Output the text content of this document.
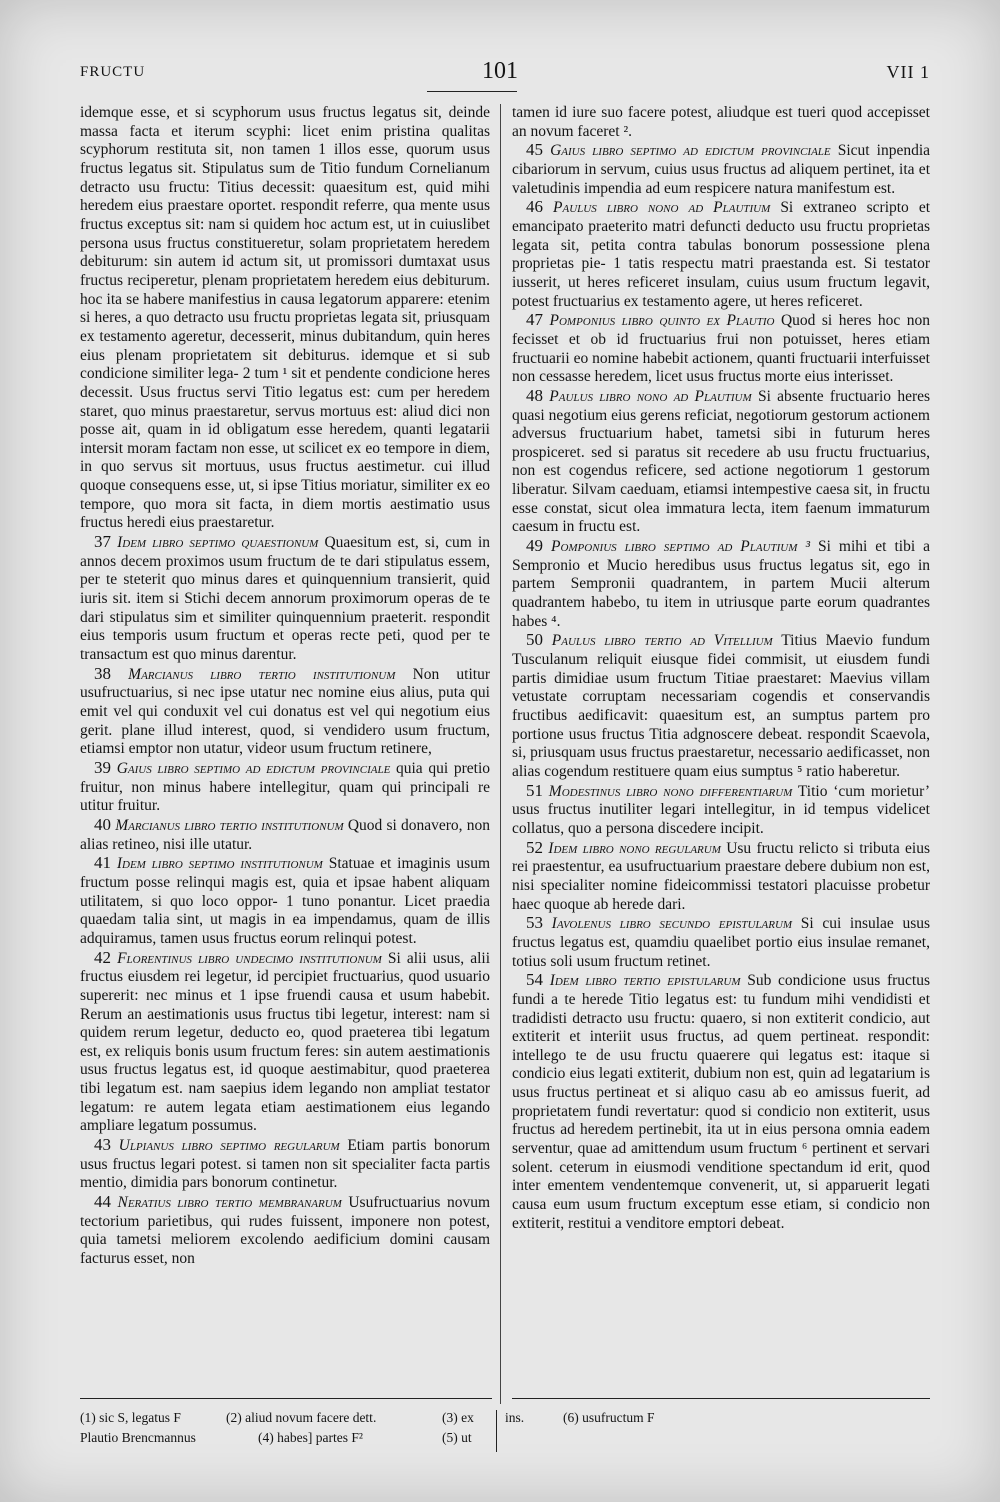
FRUCTU	101	VII 1

idemque esse, et si scyphorum usus fructus legatus sit, deinde massa facta et iterum scyphi: licet enim pristina qualitas scyphorum restituta sit, non tamen 1 illos esse, quorum usus fructus legatus sit. Stipulatus sum de Titio fundum Cornelianum detracto usu fructu: Titius decessit: quaesitum est, quid mihi heredem eius praestare oportet. respondit referre, qua mente usus fructus exceptus sit: nam si quidem hoc actum est, ut in cuiuslibet persona usus fructus constitueretur, solam proprietatem heredem debiturum: sin autem id actum sit, ut promissori dumtaxat usus fructus reciperetur, plenam proprietatem heredem eius debiturum. hoc ita se habere manifestius in causa legatorum apparere: etenim si heres, a quo detracto usu fructu proprietas legata sit, priusquam ex testamento ageretur, decesserit, minus dubitandum, quin heres eius plenam proprietatem sit debiturus. idemque et si sub condicione similiter lega- 2 tum ¹ sit et pendente condicione heres decessit. Usus fructus servi Titio legatus est: cum per heredem staret, quo minus praestaretur, servus mortuus est: aliud dici non posse ait, quam in id obligatum esse heredem, quanti legatarii intersit moram factam non esse, ut scilicet ex eo tempore in diem, in quo servus sit mortuus, usus fructus aestimetur. cui illud quoque consequens esse, ut, si ipse Titius moriatur, similiter ex eo tempore, quo mora sit facta, in diem mortis aestimatio usus fructus heredi eius praestaretur.

37 Idem libro septimo quaestionum Quaesitum est, si, cum in annos decem proximos usum fructum de te dari stipulatus essem, per te steterit quo minus dares et quinquennium transierit, quid iuris sit. item si Stichi decem annorum proximorum operas de te dari stipulatus sim et similiter quinquennium praeterit. respondit eius temporis usum fructum et operas recte peti, quod per te transactum est quo minus darentur.

38 Marcianus libro tertio institutionum Non utitur usufructuarius, si nec ipse utatur nec nomine eius alius, puta qui emit vel qui conduxit vel cui donatus est vel qui negotium eius gerit. plane illud interest, quod, si vendidero usum fructum, etiamsi emptor non utatur, videor usum fructum retinere,

39 Gaius libro septimo ad edictum provinciale quia qui pretio fruitur, non minus habere intellegitur, quam qui principali re utitur fruitur.

40 Marcianus libro tertio institutionum Quod si donavero, non alias retineo, nisi ille utatur.

41 Idem libro septimo institutionum Statuae et imaginis usum fructum posse relinqui magis est, quia et ipsae habent aliquam utilitatem, si quo loco oppor- 1 tuno ponantur. Licet praedia quaedam talia sint, ut magis in ea impendamus, quam de illis adquiramus, tamen usus fructus eorum relinqui potest.

42 Florentinus libro undecimo institutionum Si alii usus, alii fructus eiusdem rei legetur, id percipiet fructuarius, quod usuario supererit: nec minus et 1 ipse fruendi causa et usum habebit. Rerum an aestimationis usus fructus tibi legetur, interest: nam si quidem rerum legetur, deducto eo, quod praeterea tibi legatum est, ex reliquis bonis usum fructum feres: sin autem aestimationis usus fructus legatus est, id quoque aestimabitur, quod praeterea tibi legatum est. nam saepius idem legando non ampliat testator legatum: re autem legata etiam aestimationem eius legando ampliare legatum possumus.

43 Ulpianus libro septimo regularum Etiam partis bonorum usus fructus legari potest. si tamen non sit specialiter facta partis mentio, dimidia pars bonorum continetur.

44 Neratius libro tertio membranarum Usufructuarius novum tectorium parietibus, qui rudes fuissent, imponere non potest, quia tametsi meliorem excolendo aedificium domini causam facturus esset, non

tamen id iure suo facere potest, aliudque est tueri quod accepisset an novum faceret ².

45 Gaius libro septimo ad edictum provinciale Sicut inpendia cibariorum in servum, cuius usus fructus ad aliquem pertinet, ita et valetudinis impendia ad eum respicere natura manifestum est.

46 Paulus libro nono ad Plautium Si extraneo scripto et emancipato praeterito matri defuncti deducto usu fructu proprietas legata sit, petita contra tabulas bonorum possessione plena proprietas pie- 1 tatis respectu matri praestanda est. Si testator iusserit, ut heres reficeret insulam, cuius usum fructum legavit, potest fructuarius ex testamento agere, ut heres reficeret.

47 Pomponius libro quinto ex Plautio Quod si heres hoc non fecisset et ob id fructuarius frui non potuisset, heres etiam fructuarii eo nomine habebit actionem, quanti fructuarii interfuisset non cessasse heredem, licet usus fructus morte eius interisset.

48 Paulus libro nono ad Plautium Si absente fructuario heres quasi negotium eius gerens reficiat, negotiorum gestorum actionem adversus fructuarium habet, tametsi sibi in futurum heres prospiceret. sed si paratus sit recedere ab usu fructu fructuarius, non est cogendus reficere, sed actione negotiorum 1 gestorum liberatur. Silvam caeduam, etiamsi intempestive caesa sit, in fructu esse constat, sicut olea immatura lecta, item faenum immaturum caesum in fructu est.

49 Pomponius libro septimo ad Plautium ³ Si mihi et tibi a Sempronio et Mucio heredibus usus fructus legatus sit, ego in partem Sempronii quadrantem, in partem Mucii alterum quadrantem habebo, tu item in utriusque parte eorum quadrantes habes ⁴.

50 Paulus libro tertio ad Vitellium Titius Maevio fundum Tusculanum reliquit eiusque fidei commisit, ut eiusdem fundi partis dimidiae usum fructum Titiae praestaret: Maevius villam vetustate corruptam necessariam cogendis et conservandis fructibus aedificavit: quaesitum est, an sumptus partem pro portione usus fructus Titia adgnoscere debeat. respondit Scaevola, si, priusquam usus fructus praestaretur, necessario aedificasset, non alias cogendum restituere quam eius sumptus ⁵ ratio haberetur.

51 Modestinus libro nono differentiarum Titio ‘cum morietur’ usus fructus inutiliter legari intellegitur, in id tempus videlicet collatus, quo a persona discedere incipit.

52 Idem libro nono regularum Usu fructu relicto si tributa eius rei praestentur, ea usufructuarium praestare debere dubium non est, nisi specialiter nomine fideicommissi testatori placuisse probetur haec quoque ab herede dari.

53 Iavolenus libro secundo epistularum Si cui insulae usus fructus legatus est, quamdiu quaelibet portio eius insulae remanet, totius soli usum fructum retinet.

54 Idem libro tertio epistularum Sub condicione usus fructus fundi a te herede Titio legatus est: tu fundum mihi vendidisti et tradidisti detracto usu fructu: quaero, si non extiterit condicio, aut extiterit et interiit usus fructus, ad quem pertineat. respondit: intellego te de usu fructu quaerere qui legatus est: itaque si condicio eius legati extiterit, dubium non est, quin ad legatarium is usus fructus pertineat et si aliquo casu ab eo amissus fuerit, ad proprietatem fundi revertatur: quod si condicio non extiterit, usus fructus ad heredem pertinebit, ita ut in eius persona omnia eadem serventur, quae ad amittendum usum fructum ⁶ pertinent et servari solent. ceterum in eiusmodi venditione spectandum id erit, quod inter ementem vendentemque convenerit, ut, si apparuerit legati causa eum usum fructum exceptum esse etiam, si condicio non extiterit, restitui a venditore emptori debeat.

(1) sic S, legatus F	(2) aliud novum facere dett.	(3) ex
Plautio Brencmannus	(4) habes] partes F²	(5) ut
ins.	(6) usufructum F
